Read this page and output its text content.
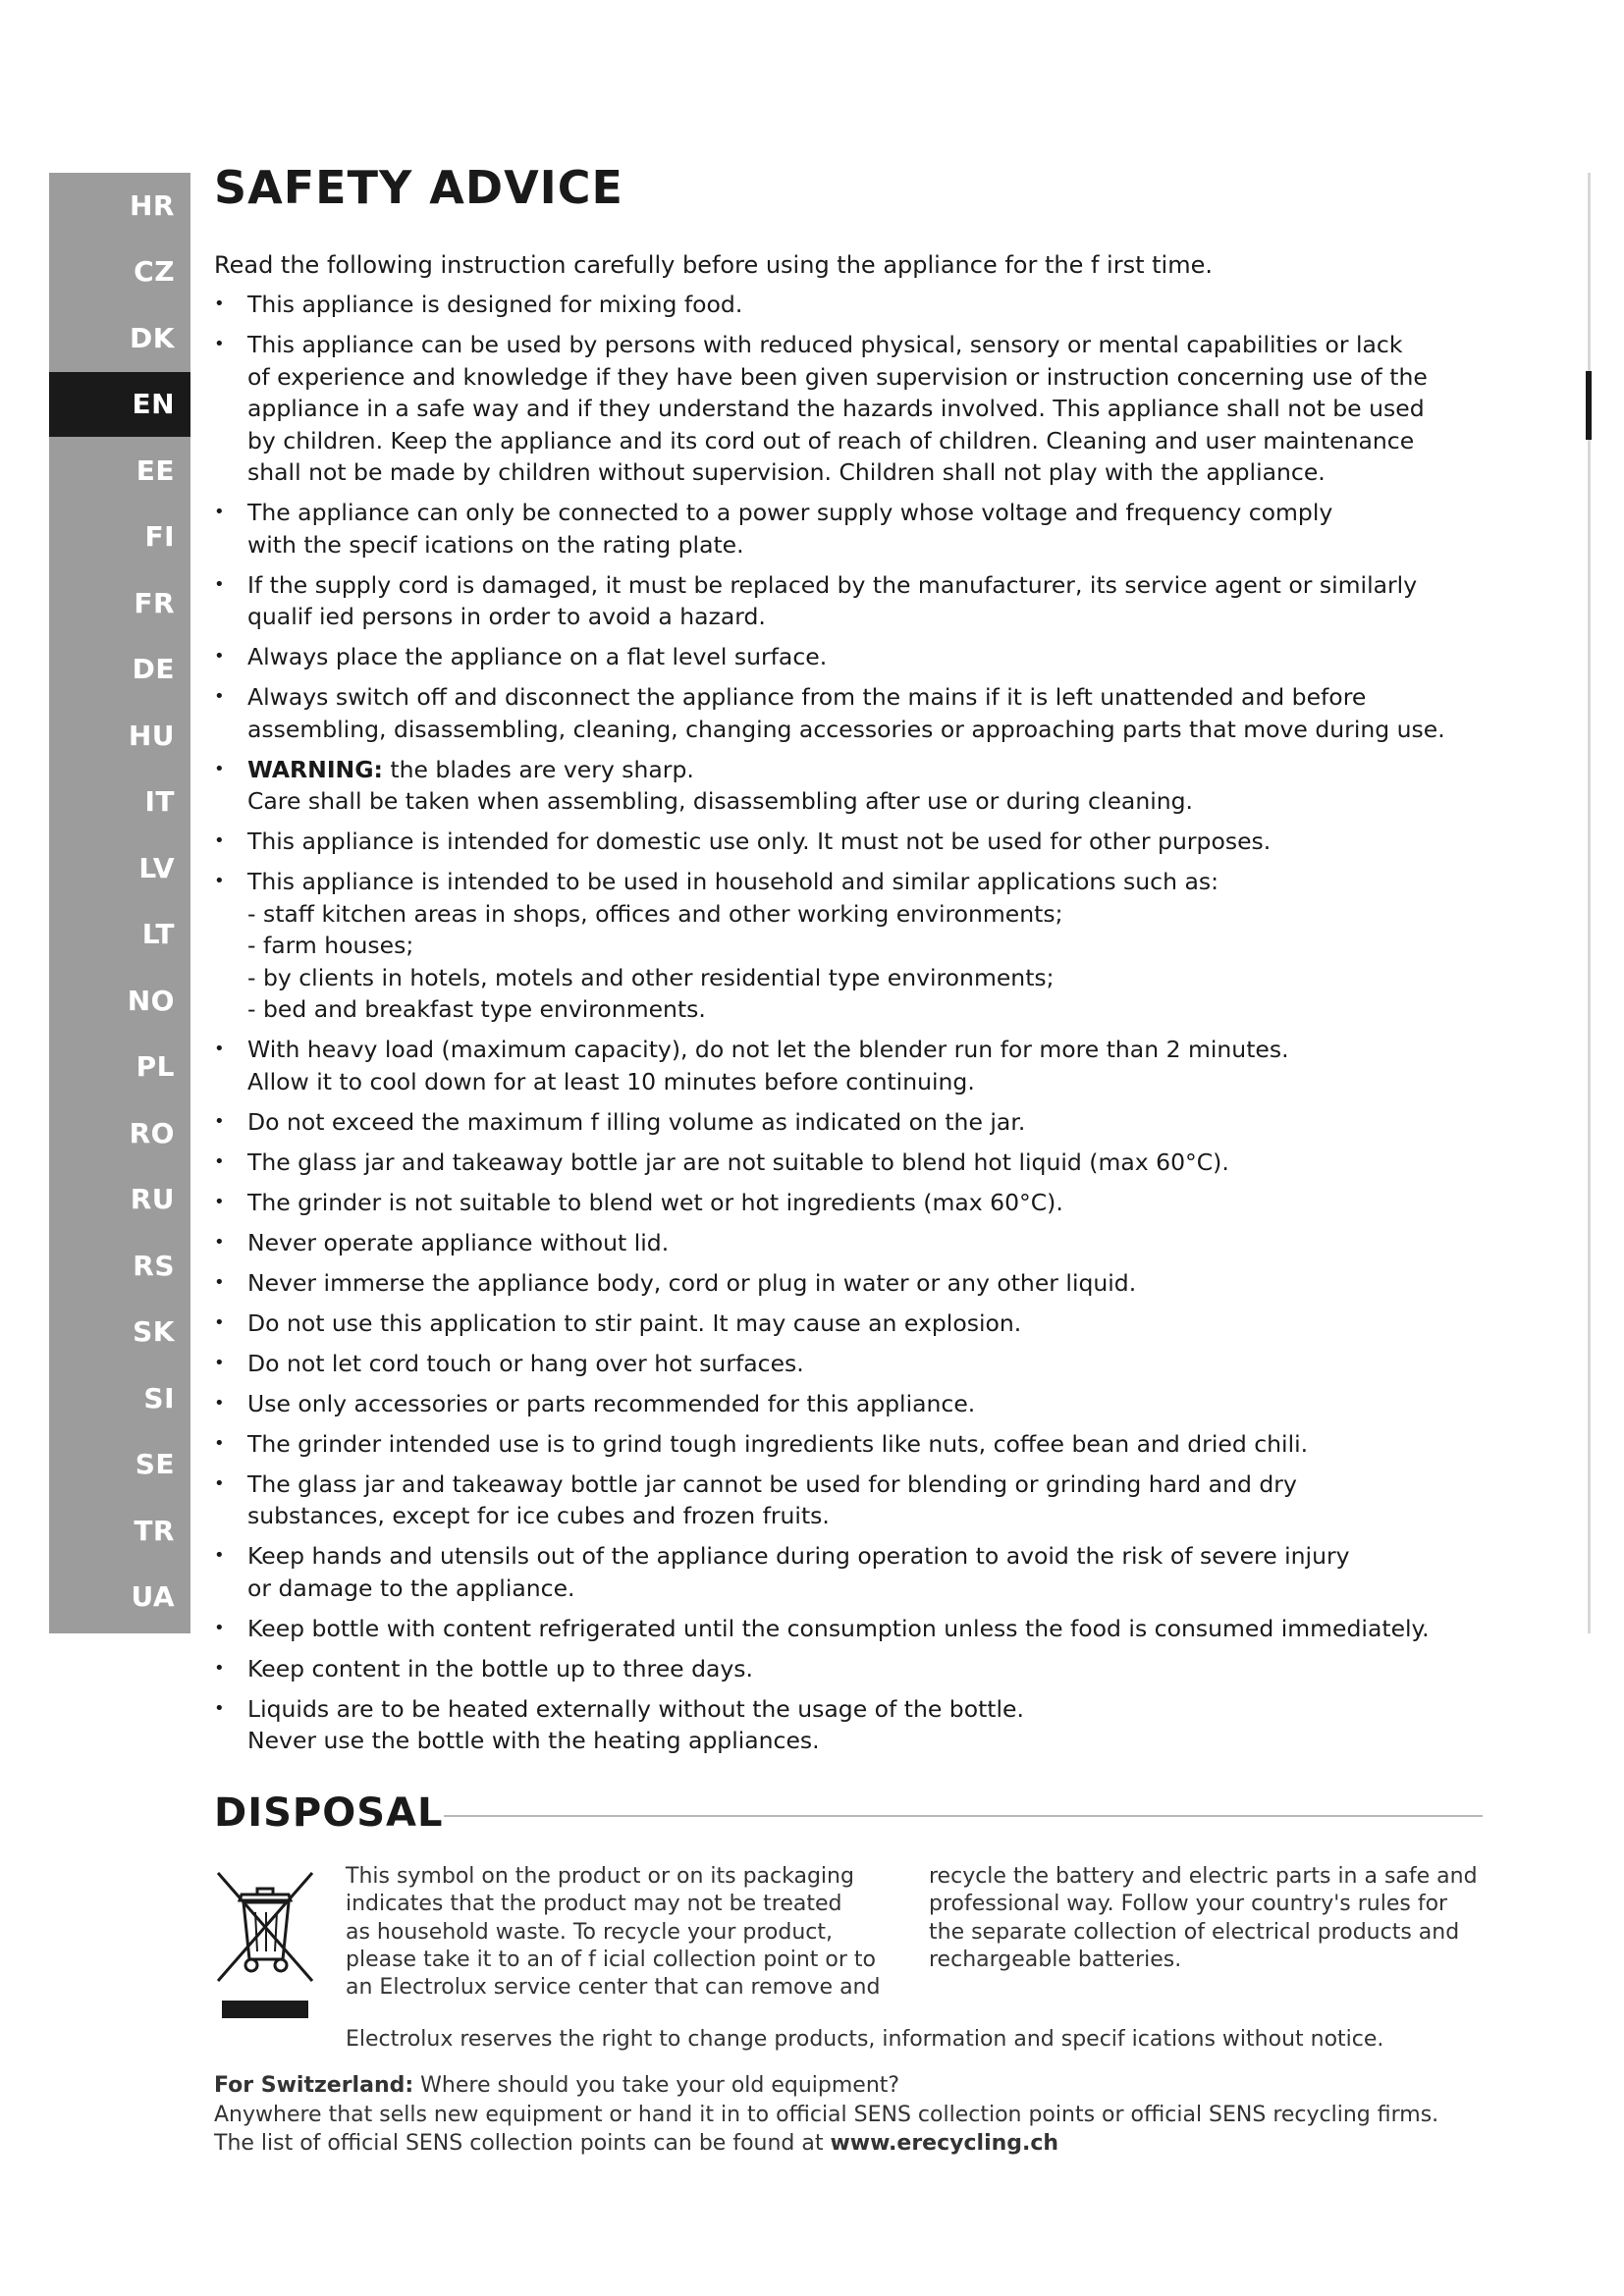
HR
CZ
DK
EN
EE
FI
FR
DE
HU
IT
LV
LT
NO
PL
RO
RU
RS
SK
SI
SE
TR
UA
SAFETY ADVICE

Read the following instruction carefully before using the appliance for the f irst time.

• This appliance is designed for mixing food.
• This appliance can be used by persons with reduced physical, sensory or mental capabilities or lack
of experience and knowledge if they have been given supervision or instruction concerning use of the
appliance in a safe way and if they understand the hazards involved. This appliance shall not be used
by children. Keep the appliance and its cord out of reach of children. Cleaning and user maintenance
shall not be made by children without supervision. Children shall not play with the appliance.
• The appliance can only be connected to a power supply whose voltage and frequency comply
with the specif ications on the rating plate.
• If the supply cord is damaged, it must be replaced by the manufacturer, its service agent or similarly
qualif ied persons in order to avoid a hazard.
• Always place the appliance on a flat level surface.
• Always switch off and disconnect the appliance from the mains if it is left unattended and before
assembling, disassembling, cleaning, changing accessories or approaching parts that move during use.
• WARNING: the blades are very sharp.
Care shall be taken when assembling, disassembling after use or during cleaning.
• This appliance is intended for domestic use only. It must not be used for other purposes.
• This appliance is intended to be used in household and similar applications such as:
- staff kitchen areas in shops, offices and other working environments;
- farm houses;
- by clients in hotels, motels and other residential type environments;
- bed and breakfast type environments.
• With heavy load (maximum capacity), do not let the blender run for more than 2 minutes.
Allow it to cool down for at least 10 minutes before continuing.
• Do not exceed the maximum f illing volume as indicated on the jar.
• The glass jar and takeaway bottle jar are not suitable to blend hot liquid (max 60°C).
• The grinder is not suitable to blend wet or hot ingredients (max 60°C).
• Never operate appliance without lid.
• Never immerse the appliance body, cord or plug in water or any other liquid.
• Do not use this application to stir paint. It may cause an explosion.
• Do not let cord touch or hang over hot surfaces.
• Use only accessories or parts recommended for this appliance.
• The grinder intended use is to grind tough ingredients like nuts, coffee bean and dried chili.
• The glass jar and takeaway bottle jar cannot be used for blending or grinding hard and dry
substances, except for ice cubes and frozen fruits.
• Keep hands and utensils out of the appliance during operation to avoid the risk of severe injury
or damage to the appliance.
• Keep bottle with content refrigerated until the consumption unless the food is consumed immediately.
• Keep content in the bottle up to three days.
• Liquids are to be heated externally without the usage of the bottle.
Never use the bottle with the heating appliances.
DISPOSAL
This symbol on the product or on its packaging
indicates that the product may not be treated
as household waste. To recycle your product,
please take it to an of f icial collection point or to
an Electrolux service center that can remove and
recycle the battery and electric parts in a safe and
professional way. Follow your country's rules for
the separate collection of electrical products and
rechargeable batteries.
Electrolux reserves the right to change products, information and specif ications without notice.
For Switzerland: Where should you take your old equipment?
Anywhere that sells new equipment or hand it in to official SENS collection points or official SENS recycling firms.
The list of official SENS collection points can be found at www.erecycling.ch
